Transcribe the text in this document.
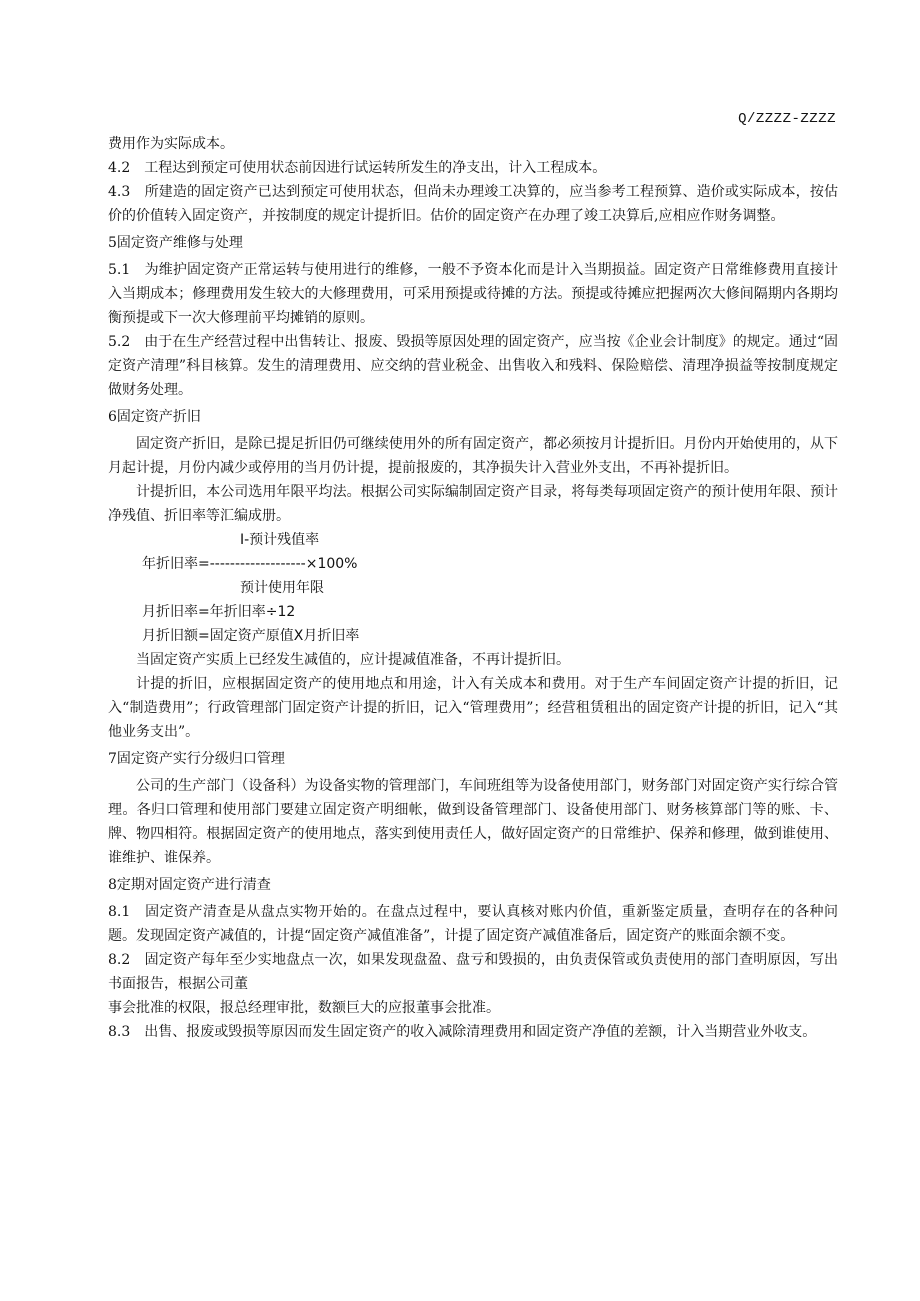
Q/ZZZZ-ZZZZ

费用作为实际成本。

4.2　工程达到预定可使用状态前因进行试运转所发生的净支出，计入工程成本。

4.3　所建造的固定资产已达到预定可使用状态，但尚未办理竣工决算的，应当参考工程预算、造价或实际成本，按估价的价值转入固定资产，并按制度的规定计提折旧。估价的固定资产在办理了竣工决算后,应相应作财务调整。

5固定资产维修与处理

5.1　为维护固定资产正常运转与使用进行的维修，一般不予资本化而是计入当期损益。固定资产日常维修费用直接计入当期成本；修理费用发生较大的大修理费用，可采用预提或待摊的方法。预提或待摊应把握两次大修间隔期内各期均衡预提或下一次大修理前平均摊销的原则。

5.2　由于在生产经营过程中出售转让、报废、毁损等原因处理的固定资产，应当按《企业会计制度》的规定。通过“固定资产清理”科目核算。发生的清理费用、应交纳的营业税金、出售收入和残料、保险赔偿、清理净损益等按制度规定做财务处理。

6固定资产折旧

固定资产折旧，是除已提足折旧仍可继续使用外的所有固定资产，都必须按月计提折旧。月份内开始使用的，从下月起计提，月份内减少或停用的当月仍计提，提前报废的，其净损失计入营业外支出，不再补提折旧。

计提折旧，本公司选用年限平均法。根据公司实际编制固定资产目录，将每类每项固定资产的预计使用年限、预计净残值、折旧率等汇编成册。

I-预计残值率

年折旧率=-------------------×100%

预计使用年限

月折旧率=年折旧率÷12

月折旧额=固定资产原值X月折旧率

当固定资产实质上已经发生减值的，应计提减值准备，不再计提折旧。

计提的折旧，应根据固定资产的使用地点和用途，计入有关成本和费用。对于生产车间固定资产计提的折旧，记入“制造费用”；行政管理部门固定资产计提的折旧，记入“管理费用”；经营租赁租出的固定资产计提的折旧，记入“其他业务支出”。

7固定资产实行分级归口管理

公司的生产部门（设备科）为设备实物的管理部门，车间班组等为设备使用部门，财务部门对固定资产实行综合管理。各归口管理和使用部门要建立固定资产明细帐，做到设备管理部门、设备使用部门、财务核算部门等的账、卡、牌、物四相符。根据固定资产的使用地点，落实到使用责任人，做好固定资产的日常维护、保养和修理，做到谁使用、谁维护、谁保养。

8定期对固定资产进行清查

8.1　固定资产清查是从盘点实物开始的。在盘点过程中，要认真核对账内价值，重新鉴定质量，查明存在的各种问题。发现固定资产减值的，计提“固定资产减值准备”，计提了固定资产减值准备后，固定资产的账面余额不变。

8.2　固定资产每年至少实地盘点一次，如果发现盘盈、盘亏和毁损的，由负责保管或负责使用的部门查明原因，写出书面报告，根据公司董

事会批准的权限，报总经理审批，数额巨大的应报董事会批准。

8.3　出售、报废或毁损等原因而发生固定资产的收入减除清理费用和固定资产净值的差额，计入当期营业外收支。
